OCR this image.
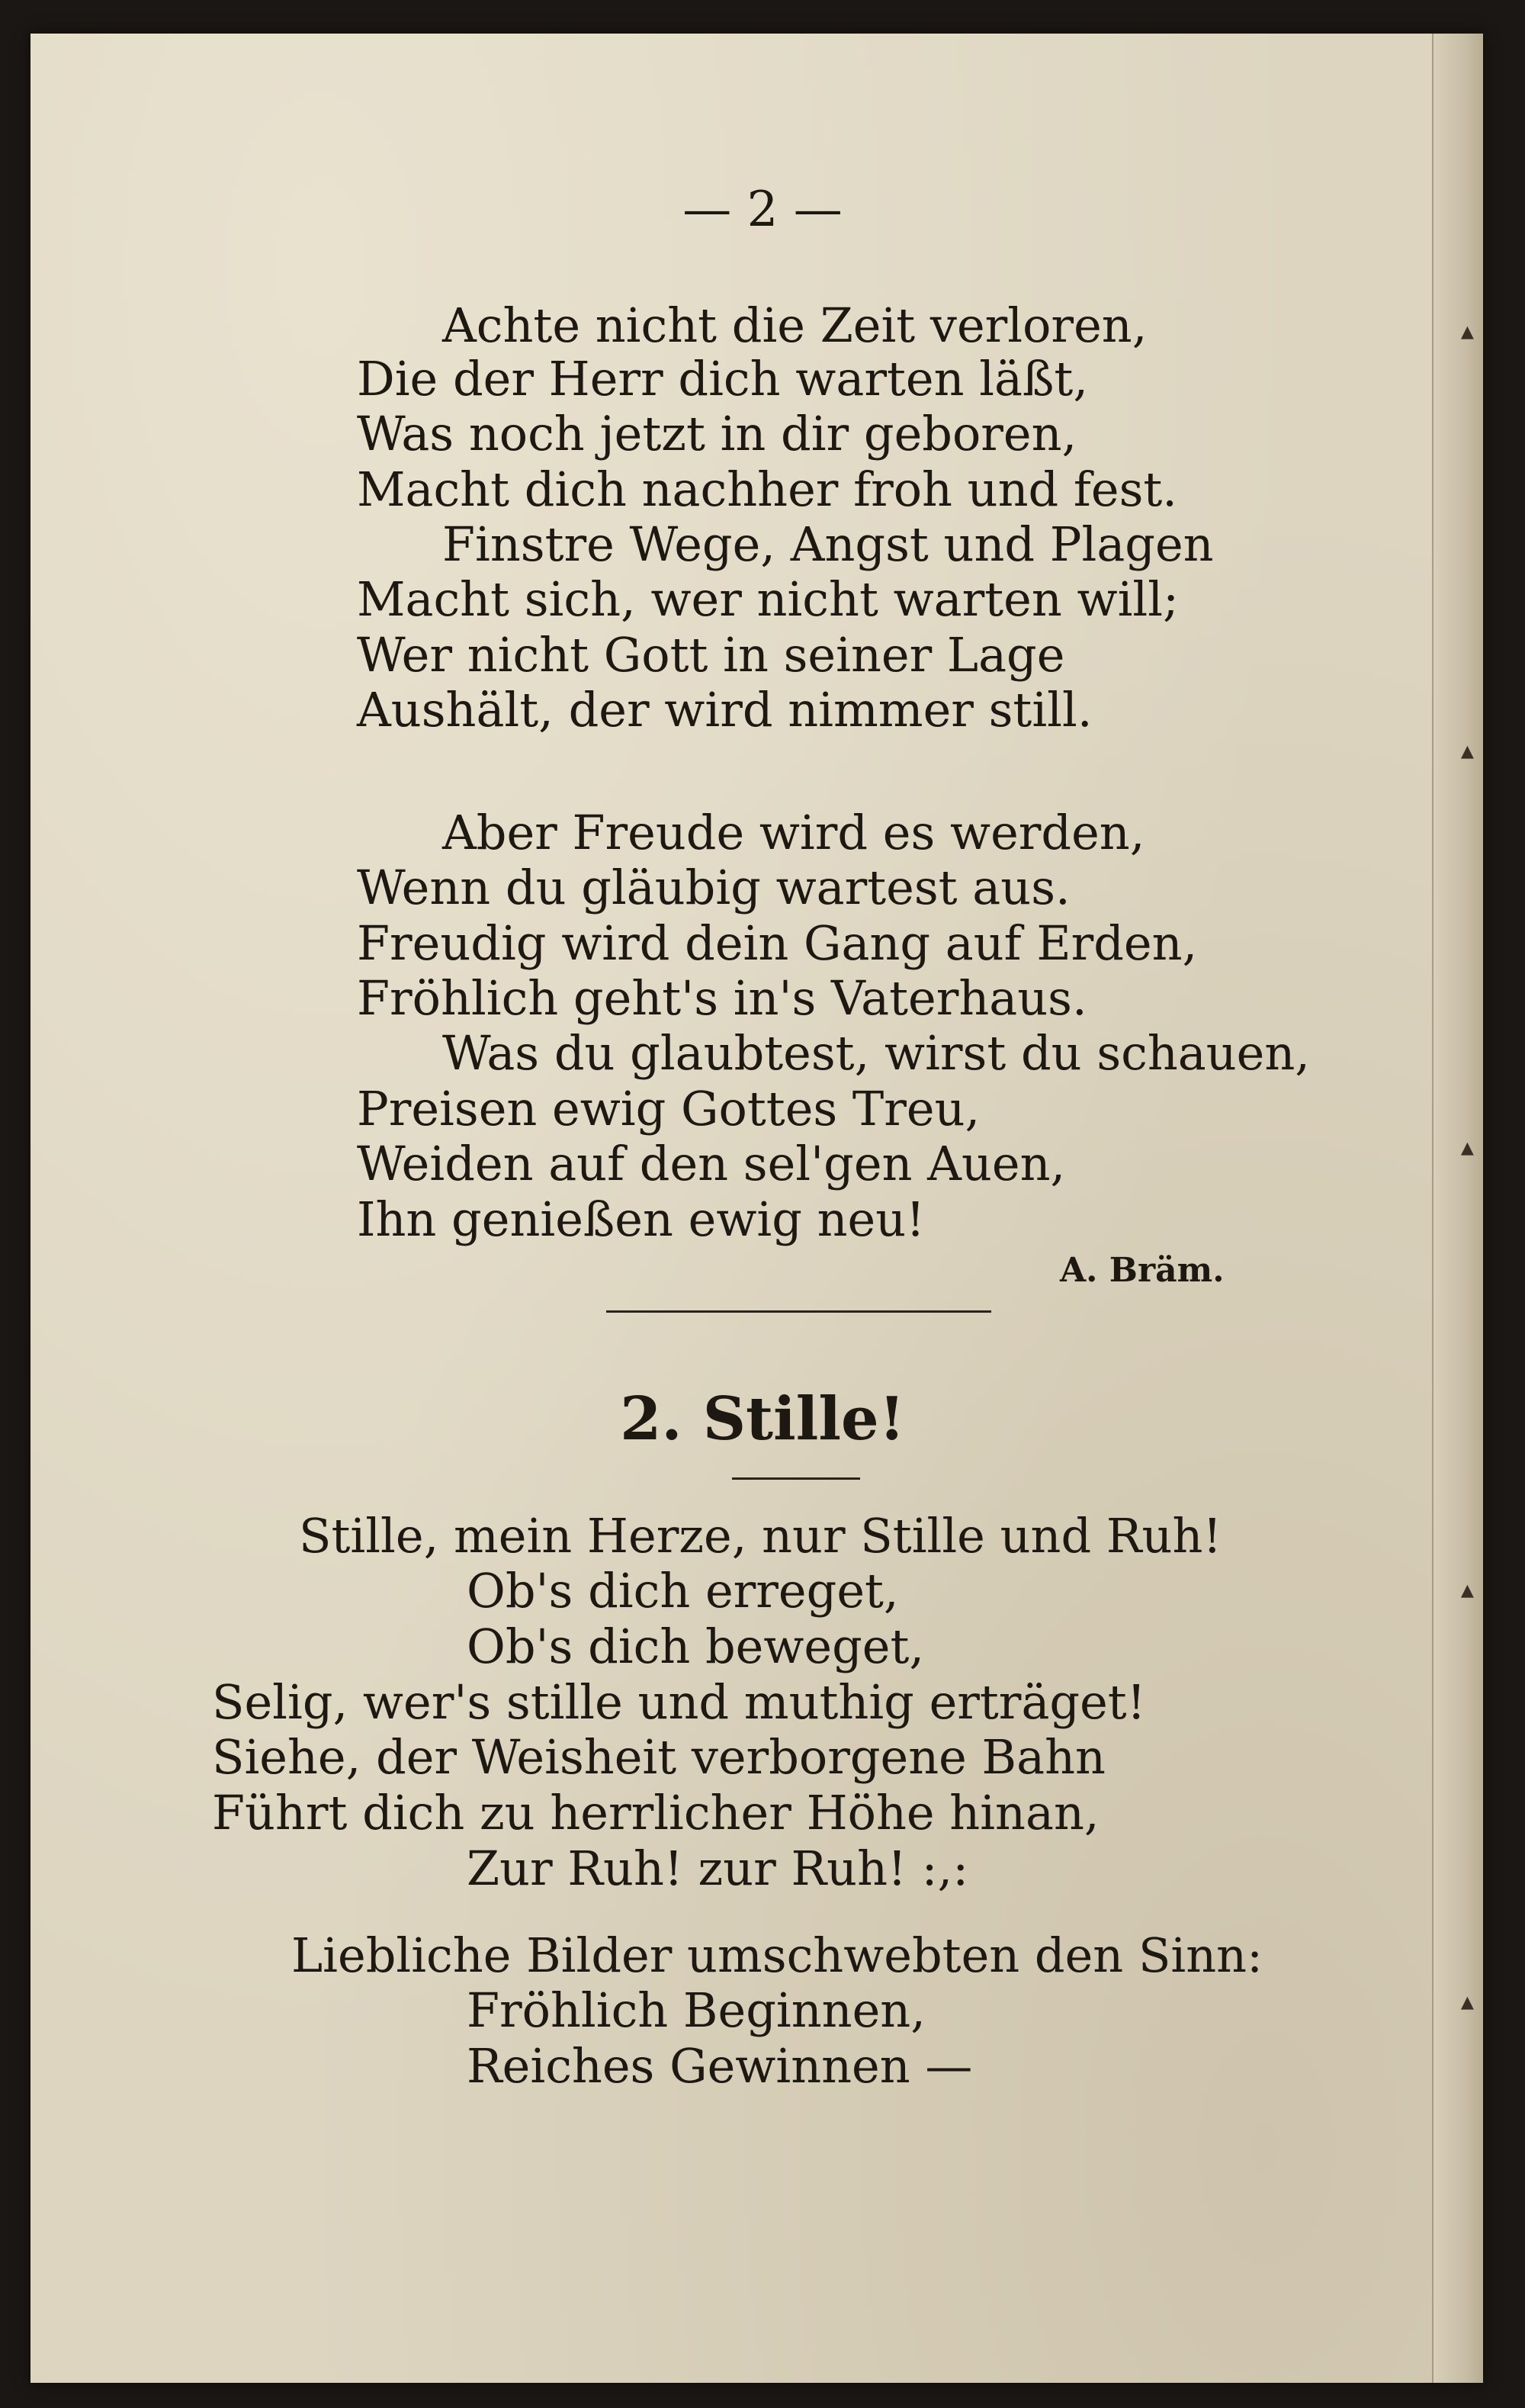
▴
▴
▴
▴
▴
— 2 —
Achte nicht die Zeit verloren,
Die der Herr dich warten läßt,
Was noch jetzt in dir geboren,
Macht dich nachher froh und fest.
Finstre Wege, Angst und Plagen
Macht sich, wer nicht warten will;
Wer nicht Gott in seiner Lage
Aushält, der wird nimmer still.
Aber Freude wird es werden,
Wenn du gläubig wartest aus.
Freudig wird dein Gang auf Erden,
Fröhlich geht's in's Vaterhaus.
Was du glaubtest, wirst du schauen,
Preisen ewig Gottes Treu,
Weiden auf den sel'gen Auen,
Ihn genießen ewig neu!
A. Bräm.
2. Stille!
Stille, mein Herze, nur Stille und Ruh!
Ob's dich erreget,
Ob's dich beweget,
Selig, wer's stille und muthig erträget!
Siehe, der Weisheit verborgene Bahn
Führt dich zu herrlicher Höhe hinan,
Zur Ruh! zur Ruh! :,:
Liebliche Bilder umschwebten den Sinn:
Fröhlich Beginnen,
Reiches Gewinnen —
